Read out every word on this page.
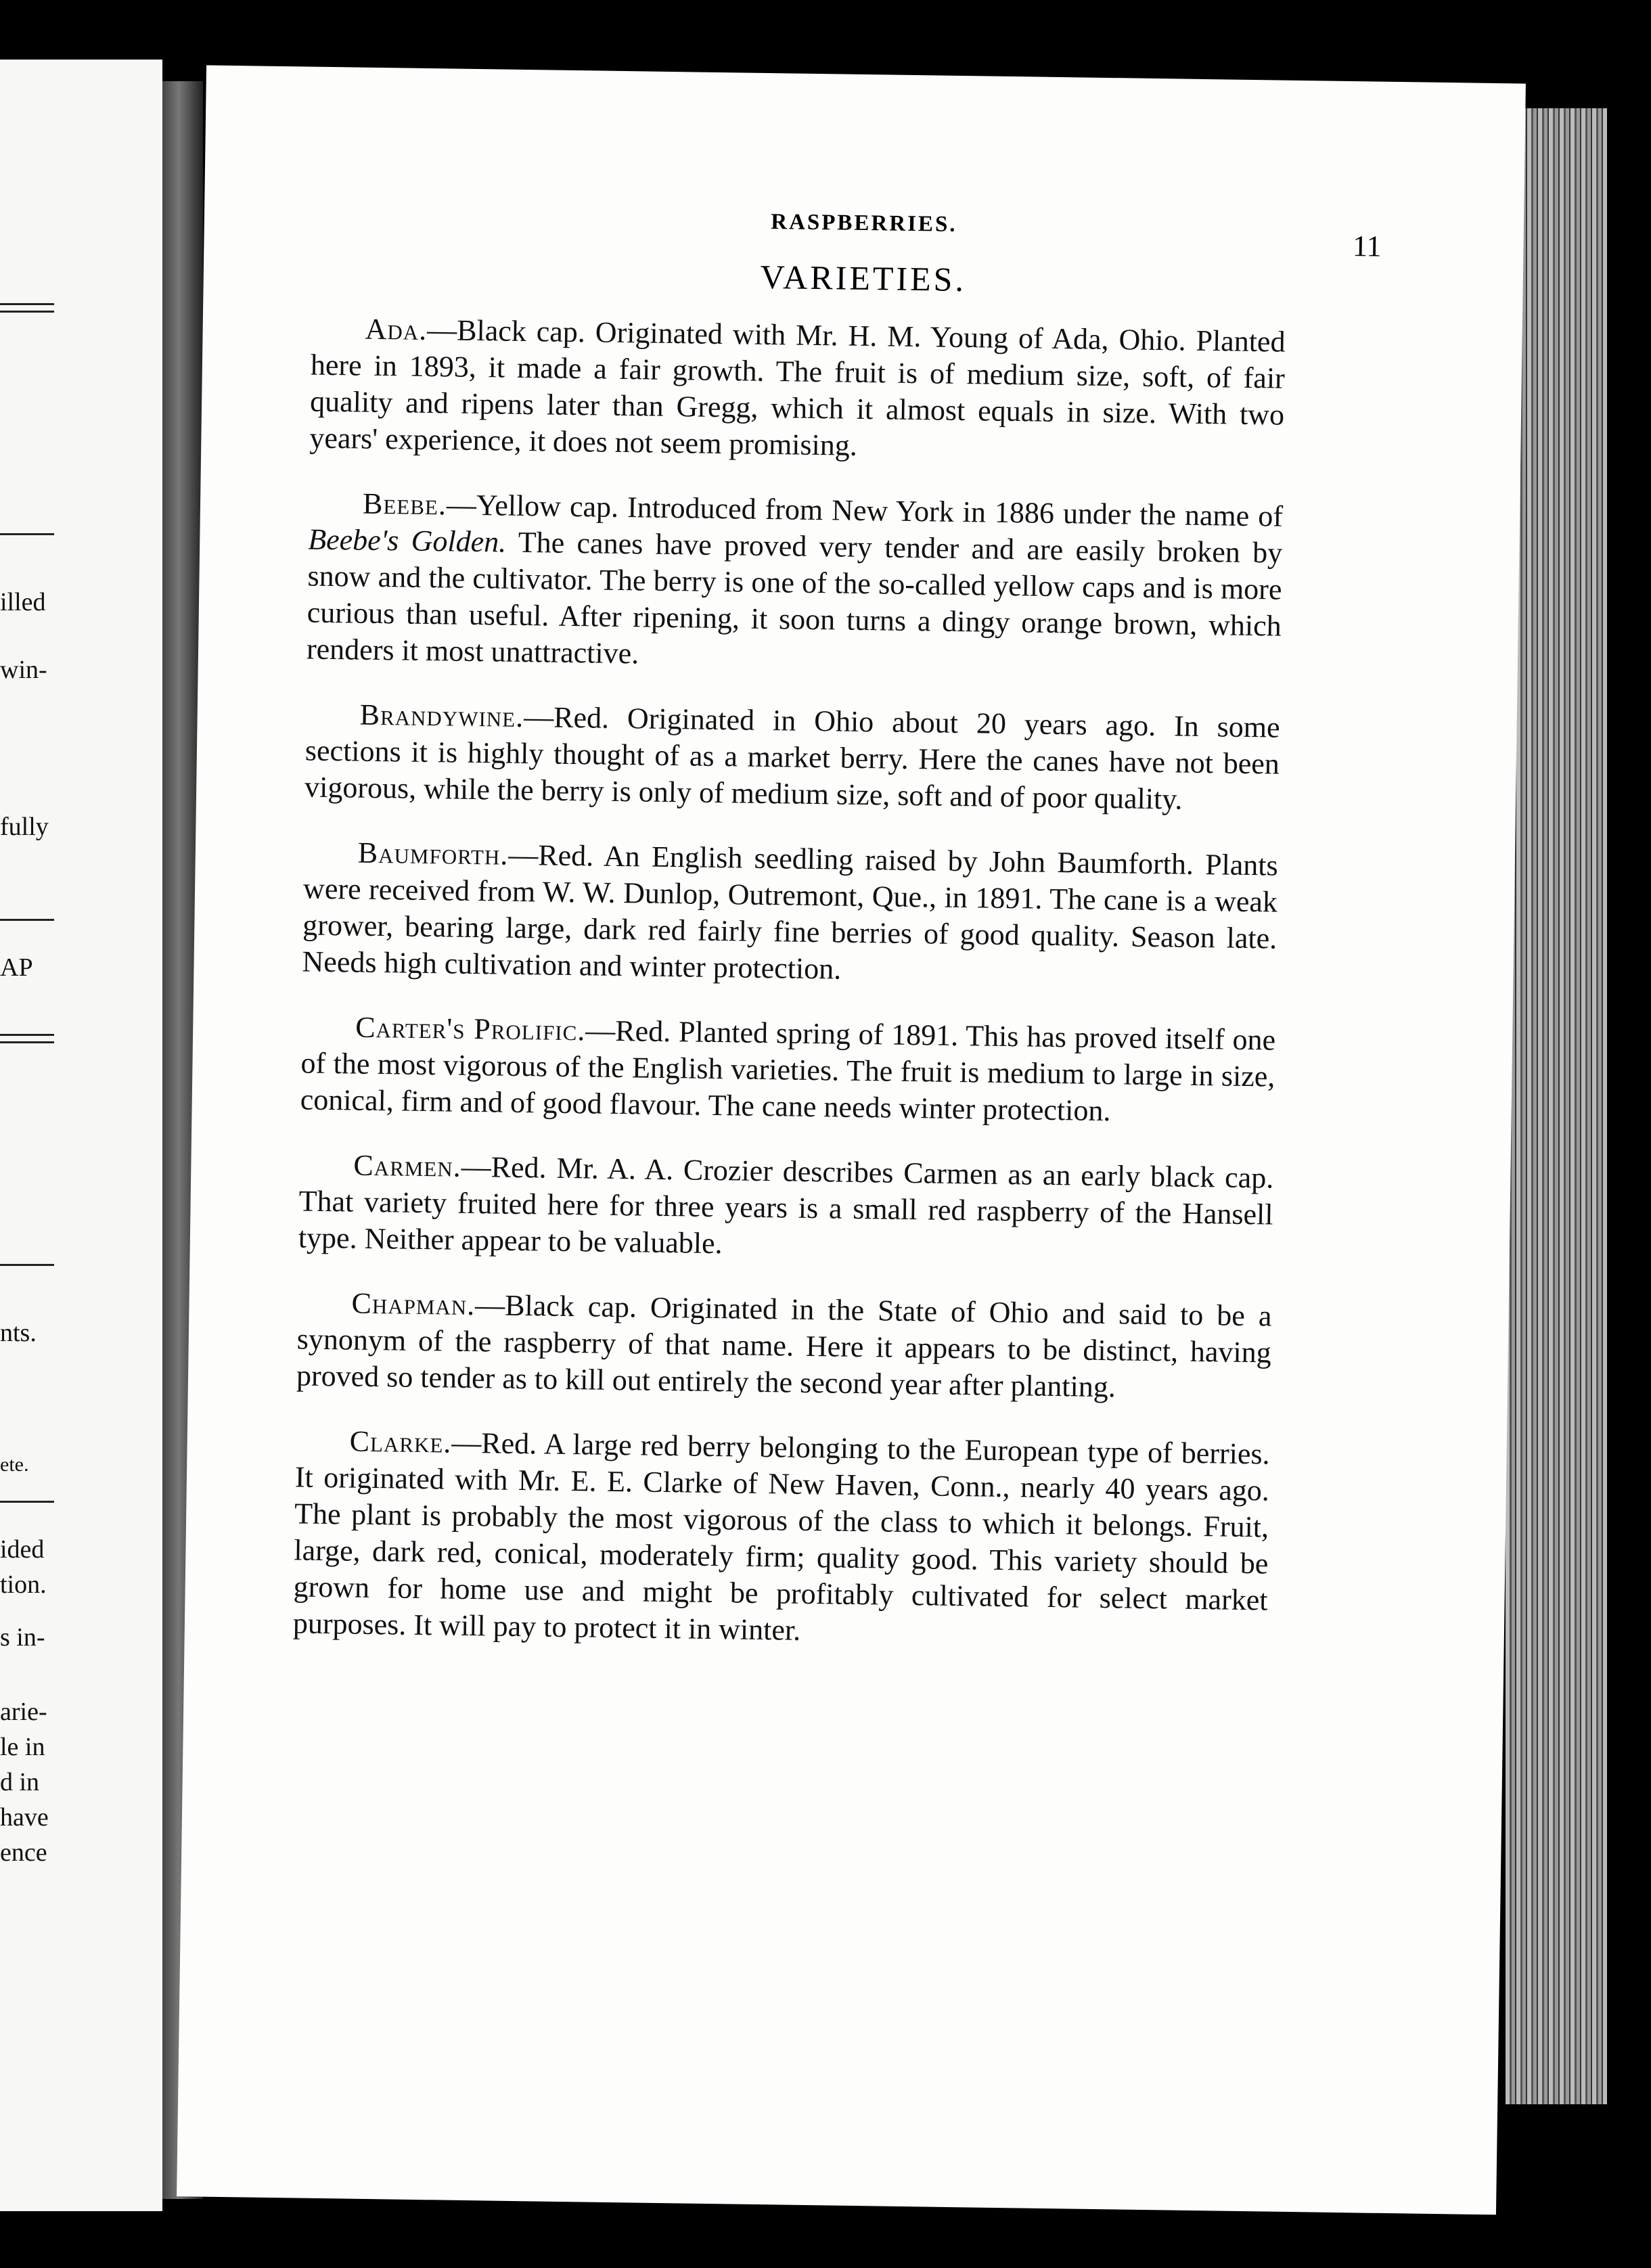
illed
win-
fully
AP
nts.
ete.
ided
tion.
s in-
arie-
le in
d in
have
ence
RASPBERRIES.
11
VARIETIES.

Ada.—Black cap. Originated with Mr. H. M. Young of Ada, Ohio. Planted here in 1893, it made a fair growth. The fruit is of medium size, soft, of fair quality and ripens later than Gregg, which it almost equals in size. With two years' experience, it does not seem promising.

Beebe.—Yellow cap. Introduced from New York in 1886 under the name of Beebe's Golden. The canes have proved very tender and are easily broken by snow and the cultivator. The berry is one of the so-called yellow caps and is more curious than useful. After ripening, it soon turns a dingy orange brown, which renders it most unattractive.

Brandywine.—Red. Originated in Ohio about 20 years ago. In some sections it is highly thought of as a market berry. Here the canes have not been vigorous, while the berry is only of medium size, soft and of poor quality.

Baumforth.—Red. An English seedling raised by John Baumforth. Plants were received from W. W. Dunlop, Outremont, Que., in 1891. The cane is a weak grower, bearing large, dark red fairly fine berries of good quality. Season late. Needs high cultivation and winter protection.

Carter's Prolific.—Red. Planted spring of 1891. This has proved itself one of the most vigorous of the English varieties. The fruit is medium to large in size, conical, firm and of good flavour. The cane needs winter protection.

Carmen.—Red. Mr. A. A. Crozier describes Carmen as an early black cap. That variety fruited here for three years is a small red raspberry of the Hansell type. Neither appear to be valuable.

Chapman.—Black cap. Originated in the State of Ohio and said to be a synonym of the raspberry of that name. Here it appears to be distinct, having proved so tender as to kill out entirely the second year after planting.

Clarke.—Red. A large red berry belonging to the European type of berries. It originated with Mr. E. E. Clarke of New Haven, Conn., nearly 40 years ago. The plant is probably the most vigorous of the class to which it belongs. Fruit, large, dark red, conical, moderately firm; quality good. This variety should be grown for home use and might be profitably cultivated for select market purposes. It will pay to protect it in winter.
